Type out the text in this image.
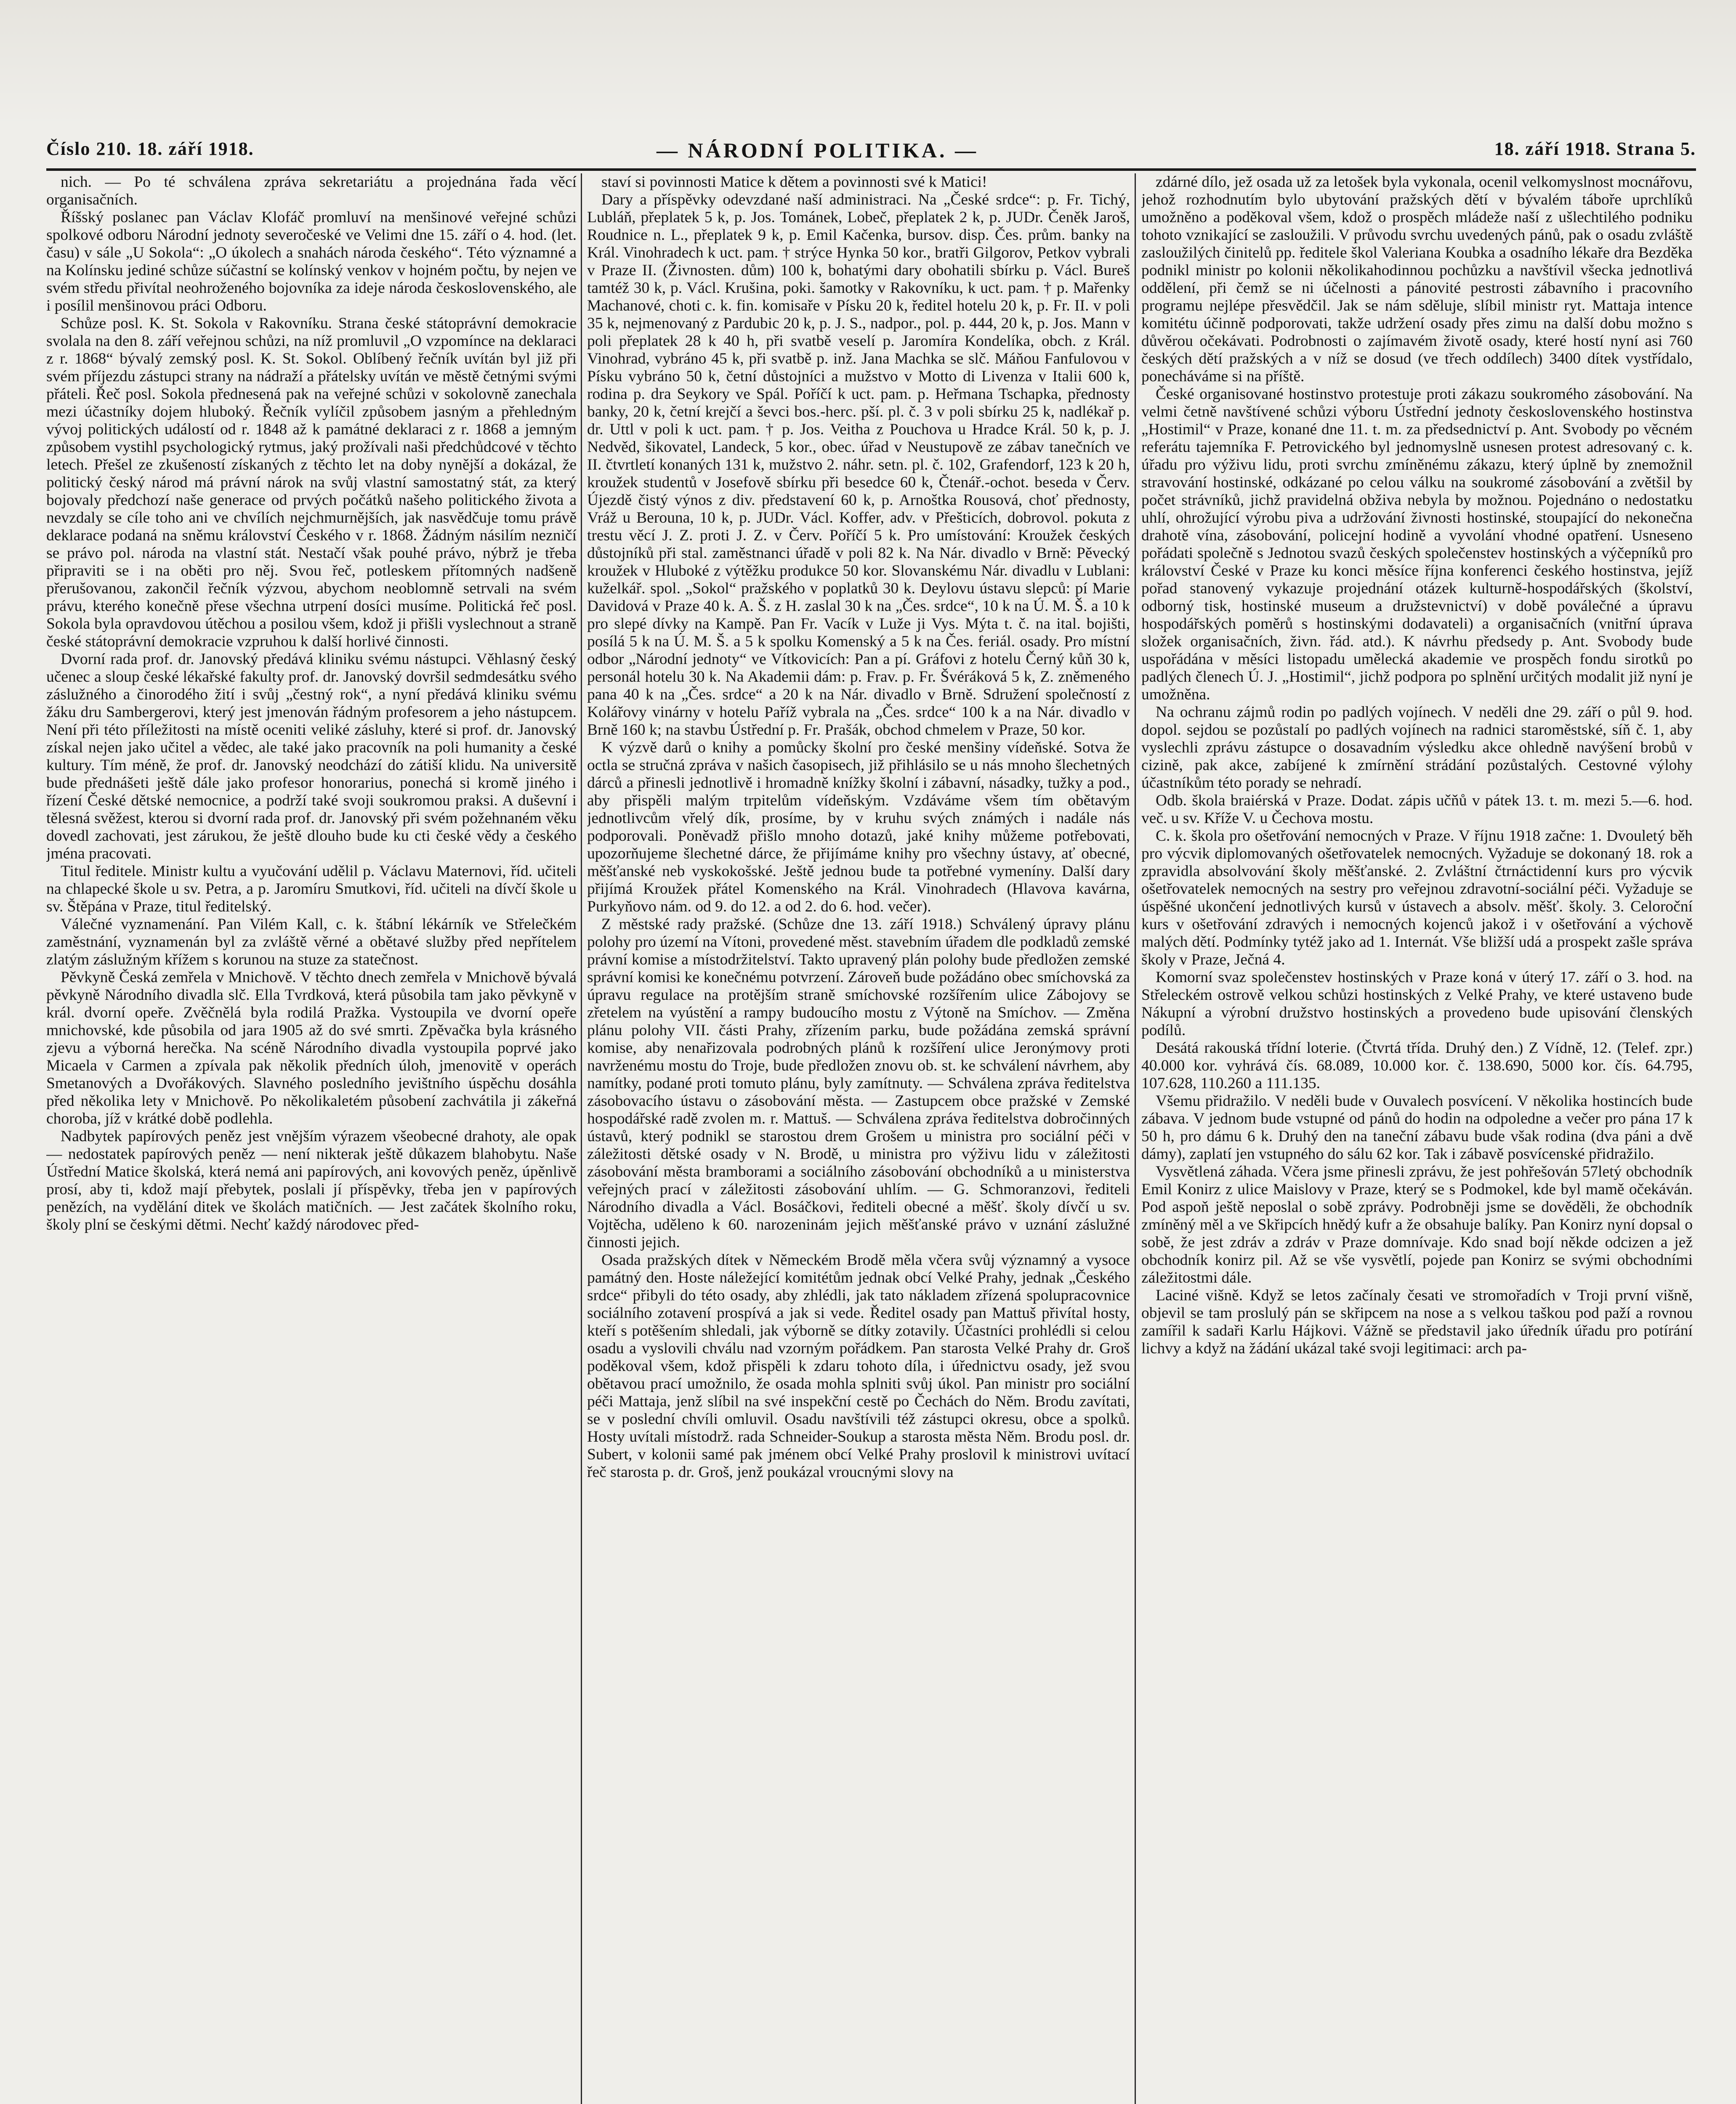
Číslo 210. 18. září 1918.	— NÁRODNÍ POLITIKA. —	18. září 1918. Strana 5.

nich. — Po té schválena zpráva sekretariátu a projednána řada věcí organisačních.

Říšský poslanec pan Václav Klofáč promluví na menšinové veřejné schůzi spolkové odboru Národní jednoty severočeské ve Velimi dne 15. září o 4. hod. (let. času) v sále „U Sokola“: „O úkolech a snahách národa českého“. Této významné a na Kolínsku jediné schůze súčastní se kolínský venkov v hojném počtu, by nejen ve svém středu přivítal neohroženého bojovníka za ideje národa československého, ale i posílil menšinovou práci Odboru.

Schůze posl. K. St. Sokola v Rakovníku. Strana české státoprávní demokracie svolala na den 8. září veřejnou schůzi, na níž promluvil „O vzpomínce na deklaraci z r. 1868“ bývalý zemský posl. K. St. Sokol. Oblíbený řečník uvítán byl již při svém příjezdu zástupci strany na nádraží a přátelsky uvítán ve městě četnými svými přáteli. Řeč posl. Sokola přednesená pak na veřejné schůzi v sokolovně zanechala mezi účastníky dojem hluboký. Řečník vylíčil způsobem jasným a přehledným vývoj politických událostí od r. 1848 až k památné deklaraci z r. 1868 a jemným způsobem vystihl psychologický rytmus, jaký prožívali naši předchůdcové v těchto letech. Přešel ze zkušeností získaných z těchto let na doby nynější a dokázal, že politický český národ má právní nárok na svůj vlastní samostatný stát, za který bojovaly předchozí naše generace od prvých počátků našeho politického života a nevzdaly se cíle toho ani ve chvílích nejchmurnějších, jak nasvědčuje tomu právě deklarace podaná na sněmu království Českého v r. 1868. Žádným násilím nezničí se právo pol. národa na vlastní stát. Nestačí však pouhé právo, nýbrž je třeba připraviti se i na oběti pro něj. Svou řeč, potleskem přítomných nadšeně přerušovanou, zakončil řečník výzvou, abychom neoblomně setrvali na svém právu, kterého konečně přese všechna utrpení dosíci musíme. Politická řeč posl. Sokola byla opravdovou útěchou a posilou všem, kdož ji přišli vyslechnout a straně české státoprávní demokracie vzpruhou k další horlivé činnosti.

Dvorní rada prof. dr. Janovský předává kliniku svému nástupci. Věhlasný český učenec a sloup české lékařské fakulty prof. dr. Janovský dovršil sedmdesátku svého záslužného a činorodého žití i svůj „čestný rok“, a nyní předává kliniku svému žáku dru Sambergerovi, který jest jmenován řádným profesorem a jeho nástupcem. Není při této příležitosti na místě oceniti veliké zásluhy, které si prof. dr. Janovský získal nejen jako učitel a vědec, ale také jako pracovník na poli humanity a české kultury. Tím méně, že prof. dr. Janovský neodchází do zátiší klidu. Na universitě bude přednášeti ještě dále jako profesor honorarius, ponechá si kromě jiného i řízení České dětské nemocnice, a podrží také svoji soukromou praksi. A duševní i tělesná svěžest, kterou si dvorní rada prof. dr. Janovský při svém požehnaném věku dovedl zachovati, jest zárukou, že ještě dlouho bude ku cti české vědy a českého jména pracovati.

Titul ředitele. Ministr kultu a vyučování udělil p. Václavu Maternovi, říd. učiteli na chlapecké škole u sv. Petra, a p. Jaromíru Smutkovi, říd. učiteli na dívčí škole u sv. Štěpána v Praze, titul ředitelský.

Válečné vyznamenání. Pan Vilém Kall, c. k. štábní lékárník ve Střelečkém zaměstnání, vyznamenán byl za zvláště věrné a obětavé služby před nepřítelem zlatým záslužným křížem s korunou na stuze za statečnost.

Pěvkyně Česká zemřela v Mnichově. V těchto dnech zemřela v Mnichově bývalá pěvkyně Národního divadla slč. Ella Tvrdková, která působila tam jako pěvkyně v král. dvorní opeře. Zvěčnělá byla rodilá Pražka. Vystoupila ve dvorní opeře mnichovské, kde působila od jara 1905 až do své smrti. Zpěvačka byla krásného zjevu a výborná herečka. Na scéně Národního divadla vystoupila poprvé jako Micaela v Carmen a zpívala pak několik předních úloh, jmenovitě v operách Smetanových a Dvořákových. Slavného posledního jevištního úspěchu dosáhla před několika lety v Mnichově. Po několikaletém působení zachvátila ji zákeřná choroba, jíž v krátké době podlehla.

Nadbytek papírových peněz jest vnějším výrazem všeobecné drahoty, ale opak — nedostatek papírových peněz — není nikterak ještě důkazem blahobytu. Naše Ústřední Matice školská, která nemá ani papírových, ani kovových peněz, úpěnlivě prosí, aby ti, kdož mají přebytek, poslali jí příspěvky, třeba jen v papírových penězích, na vydělání ditek ve školách matičních. — Jest začátek školního roku, školy plní se českými dětmi. Nechť každý národovec před-

staví si povinnosti Matice k dětem a povinnosti své k Matici!

Dary a příspěvky odevzdané naší administraci. Na „České srdce“: p. Fr. Tichý, Lubláň, přeplatek 5 k, p. Jos. Tománek, Lobeč, přeplatek 2 k, p. JUDr. Čeněk Jaroš, Roudnice n. L., přeplatek 9 k, p. Emil Kačenka, bursov. disp. Čes. prům. banky na Král. Vinohradech k uct. pam. † strýce Hynka 50 kor., bratři Gilgorov, Petkov vybrali v Praze II. (Živnosten. dům) 100 k, bohatými dary obohatili sbírku p. Václ. Bureš tamtéž 30 k, p. Václ. Krušina, poki. šamotky v Rakovníku, k uct. pam. † p. Mařenky Machanové, choti c. k. fin. komisaře v Písku 20 k, ředitel hotelu 20 k, p. Fr. II. v poli 35 k, nejmenovaný z Pardubic 20 k, p. J. S., nadpor., pol. p. 444, 20 k, p. Jos. Mann v poli přeplatek 28 k 40 h, při svatbě veselí p. Jaromíra Kondelíka, obch. z Král. Vinohrad, vybráno 45 k, při svatbě p. inž. Jana Machka se slč. Máňou Fanfulovou v Písku vybráno 50 k, četní důstojníci a mužstvo v Motto di Livenza v Italii 600 k, rodina p. dra Seykory ve Spál. Poříčí k uct. pam. p. Heřmana Tschapka, přednosty banky, 20 k, četní krejčí a ševci bos.-herc. pší. pl. č. 3 v poli sbírku 25 k, nadlékař p. dr. Uttl v poli k uct. pam. † p. Jos. Veitha z Pouchova u Hradce Král. 50 k, p. J. Nedvěd, šikovatel, Landeck, 5 kor., obec. úřad v Neustupově ze zábav tanečních ve II. čtvrtletí konaných 131 k, mužstvo 2. náhr. setn. pl. č. 102, Grafendorf, 123 k 20 h, kroužek studentů v Josefově sbírku při besedce 60 k, Čtenář.-ochot. beseda v Červ. Újezdě čistý výnos z div. představení 60 k, p. Arnoštka Rousová, choť přednosty, Vráž u Berouna, 10 k, p. JUDr. Václ. Koffer, adv. v Přešticích, dobrovol. pokuta z trestu věcí J. Z. proti J. Z. v Červ. Poříčí 5 k. Pro umístování: Kroužek českých důstojníků při stal. zaměstnanci úřadě v poli 82 k. Na Nár. divadlo v Brně: Pěvecký kroužek v Hluboké z výtěžku produkce 50 kor. Slovanskému Nár. divadlu v Lublani: kuželkář. spol. „Sokol“ pražského v poplatků 30 k. Deylovu ústavu slepců: pí Marie Davidová v Praze 40 k. A. Š. z H. zaslal 30 k na „Čes. srdce“, 10 k na Ú. M. Š. a 10 k pro slepé dívky na Kampě. Pan Fr. Vacík v Luže ji Vys. Mýta t. č. na ital. bojišti, posílá 5 k na Ú. M. Š. a 5 k spolku Komenský a 5 k na Čes. feriál. osady. Pro místní odbor „Národní jednoty“ ve Vítkovicích: Pan a pí. Gráfovi z hotelu Černý kůň 30 k, personál hotelu 30 k. Na Akademii dám: p. Frav. p. Fr. Švéráková 5 k, Z. zněmeného pana 40 k na „Čes. srdce“ a 20 k na Nár. divadlo v Brně. Sdružení společností z Kolářovy vinárny v hotelu Paříž vybrala na „Čes. srdce“ 100 k a na Nár. divadlo v Brně 160 k; na stavbu Ústřední p. Fr. Prašák, obchod chmelem v Praze, 50 kor.

K výzvě darů o knihy a pomůcky školní pro české menšiny vídeňské. Sotva že octla se stručná zpráva v našich časopisech, již přihlásilo se u nás mnoho šlechetných dárců a přinesli jednotlivě i hromadně knížky školní i zábavní, násadky, tužky a pod., aby přispěli malým trpitelům vídeňským. Vzdáváme všem tím obětavým jednotlivcům vřelý dík, prosíme, by v kruhu svých známých i nadále nás podporovali. Poněvadž přišlo mnoho dotazů, jaké knihy můžeme potřebovati, upozorňujeme šlechetné dárce, že přijímáme knihy pro všechny ústavy, ať obecné, měšťanské neb vyskokošské. Ještě jednou bude ta potřebné vymeníny. Další dary přijímá Kroužek přátel Komenského na Král. Vinohradech (Hlavova kavárna, Purkyňovo nám. od 9. do 12. a od 2. do 6. hod. večer).

Z městské rady pražské. (Schůze dne 13. září 1918.) Schválený úpravy plánu polohy pro území na Vítoni, provedené měst. stavebním úřadem dle podkladů zemské právní komise a místodržitelství. Takto upravený plán polohy bude předložen zemské správní komisi ke konečnému potvrzení. Zároveň bude požádáno obec smíchovská za úpravu regulace na protějším straně smíchovské rozšířením ulice Zábojovy se zřetelem na vyústění a rampy budoucího mostu z Výtoně na Smíchov. — Změna plánu polohy VII. části Prahy, zřízením parku, bude požádána zemská správní komise, aby nenařizovala podrobných plánů k rozšíření ulice Jeronýmovy proti navrženému mostu do Troje, bude předložen znovu ob. st. ke schválení návrhem, aby namítky, podané proti tomuto plánu, byly zamítnuty. — Schválena zpráva ředitelstva zásobovacího ústavu o zásobování města. — Zastupcem obce pražské v Zemské hospodářské radě zvolen m. r. Mattuš. — Schválena zpráva ředitelstva dobročinných ústavů, který podnikl se starostou drem Grošem u ministra pro sociální péči v záležitosti dětské osady v N. Brodě, u ministra pro výživu lidu v záležitosti zásobování města bramborami a sociálního zásobování obchodníků a u ministerstva veřejných prací v záležitosti zásobování uhlím. — G. Schmoranzovi, řediteli Národního divadla a Václ. Bosáčkovi, řediteli obecné a měšť. školy dívčí u sv. Vojtěcha, uděleno k 60. narozeninám jejich měšťanské právo v uznání záslužné činnosti jejich.

Osada pražských dítek v Německém Brodě měla včera svůj významný a vysoce památný den. Hoste náležející komitétům jednak obcí Velké Prahy, jednak „Českého srdce“ přibyli do této osady, aby zhlédli, jak tato nákladem zřízená spolupracovnice sociálního zotavení prospívá a jak si vede. Ředitel osady pan Mattuš přivítal hosty, kteří s potěšením shledali, jak výborně se dítky zotavily. Účastníci prohlédli si celou osadu a vyslovili chválu nad vzorným pořádkem. Pan starosta Velké Prahy dr. Groš poděkoval všem, kdož přispěli k zdaru tohoto díla, i úřednictvu osady, jež svou obětavou prací umožnilo, že osada mohla splniti svůj úkol. Pan ministr pro sociální péči Mattaja, jenž slíbil na své inspekční cestě po Čechách do Něm. Brodu zavítati, se v poslední chvíli omluvil. Osadu navštívili též zástupci okresu, obce a spolků. Hosty uvítali místodrž. rada Schneider-Soukup a starosta města Něm. Brodu posl. dr. Subert, v kolonii samé pak jménem obcí Velké Prahy proslovil k ministrovi uvítací řeč starosta p. dr. Groš, jenž poukázal vroucnými slovy na

zdárné dílo, jež osada už za letošek byla vykonala, ocenil velkomyslnost mocnářovu, jehož rozhodnutím bylo ubytování pražských dětí v bývalém táboře uprchlíků umožněno a poděkoval všem, kdož o prospěch mládeže naší z ušlechtilého podniku tohoto vznikající se zasloužili. V průvodu svrchu uvedených pánů, pak o osadu zvláště zasloužilých činitelů pp. ředitele škol Valeriana Koubka a osadního lékaře dra Bezděka podnikl ministr po kolonii několikahodinnou pochůzku a navštívil všecka jednotlivá oddělení, při čemž se ni účelnosti a pánovité pestrosti zábavního i pracovního programu nejlépe přesvědčil. Jak se nám sděluje, slíbil ministr ryt. Mattaja intence komitétu účinně podporovati, takže udržení osady přes zimu na další dobu možno s důvěrou očekávati. Podrobnosti o zajímavém životě osady, které hostí nyní asi 760 českých dětí pražských a v níž se dosud (ve třech oddílech) 3400 dítek vystřídalo, ponecháváme si na příště.

České organisované hostinstvo protestuje proti zákazu soukromého zásobování. Na velmi četně navštívené schůzi výboru Ústřední jednoty československého hostinstva „Hostimil“ v Praze, konané dne 11. t. m. za předsednictví p. Ant. Svobody po věcném referátu tajemníka F. Petrovického byl jednomyslně usnesen protest adresovaný c. k. úřadu pro výživu lidu, proti svrchu zmíněnému zákazu, který úplně by znemožnil stravování hostinské, odkázané po celou válku na soukromé zásobování a zvětšil by počet strávníků, jichž pravidelná obživa nebyla by možnou. Pojednáno o nedostatku uhlí, ohrožující výrobu piva a udržování živnosti hostinské, stoupající do nekonečna drahotě vína, zásobování, policejní hodině a vyvolání vhodné opatření. Usneseno pořádati společně s Jednotou svazů českých společenstev hostinských a výčepníků pro království České v Praze ku konci měsíce října konferenci českého hostinstva, jejíž pořad stanovený vykazuje projednání otázek kulturně-hospodářských (školství, odborný tisk, hostinské museum a družstevnictví) v době poválečné a úpravu hospodářských poměrů s hostinskými dodavateli) a organisačních (vnitřní úprava složek organisačních, živn. řád. atd.). K návrhu předsedy p. Ant. Svobody bude uspořádána v měsíci listopadu umělecká akademie ve prospěch fondu sirotků po padlých členech Ú. J. „Hostimil“, jichž podpora po splnění určitých modalit již nyní je umožněna.

Na ochranu zájmů rodin po padlých vojínech. V neděli dne 29. září o půl 9. hod. dopol. sejdou se pozůstalí po padlých vojínech na radnici staroměstské, síň č. 1, aby vyslechli zprávu zástupce o dosavadním výsledku akce ohledně navýšení brobů v cizině, pak akce, zabíjené k zmírnění strádání pozůstalých. Cestovné výlohy účastníkům této porady se nehradí.

Odb. škola braiérská v Praze. Dodat. zápis učňů v pátek 13. t. m. mezi 5.—6. hod. več. u sv. Kříže V. u Čechova mostu.

C. k. škola pro ošetřování nemocných v Praze. V říjnu 1918 začne: 1. Dvouletý běh pro výcvik diplomovaných ošetřovatelek nemocných. Vyžaduje se dokonaný 18. rok a zpravidla absolvování školy měšťanské. 2. Zvláštní čtrnáctidenní kurs pro výcvik ošetřovatelek nemocných na sestry pro veřejnou zdravotní-sociální péči. Vyžaduje se úspěšné ukončení jednotlivých kursů v ústavech a absolv. měšť. školy. 3. Celoroční kurs v ošetřování zdravých i nemocných kojenců jakož i v ošetřování a výchově malých dětí. Podmínky tytéž jako ad 1. Internát. Vše bližší udá a prospekt zašle správa školy v Praze, Ječná 4.

Komorní svaz společenstev hostinských v Praze koná v úterý 17. září o 3. hod. na Střeleckém ostrově velkou schůzi hostinských z Velké Prahy, ve které ustaveno bude Nákupní a výrobní družstvo hostinských a provedeno bude upisování členských podílů.

Desátá rakouská třídní loterie. (Čtvrtá třída. Druhý den.) Z Vídně, 12. (Telef. zpr.) 40.000 kor. vyhrává čís. 68.089, 10.000 kor. č. 138.690, 5000 kor. čís. 64.795, 107.628, 110.260 a 111.135.

Všemu přidražilo. V neděli bude v Ouvalech posvícení. V několika hostincích bude zábava. V jednom bude vstupné od pánů do hodin na odpoledne a večer pro pána 17 k 50 h, pro dámu 6 k. Druhý den na taneční zábavu bude však rodina (dva páni a dvě dámy), zaplatí jen vstupného do sálu 62 kor. Tak i zábavě posvícenské přidražilo.

Vysvětlená záhada. Včera jsme přinesli zprávu, že jest pohřešován 57letý obchodník Emil Konirz z ulice Maislovy v Praze, který se s Podmokel, kde byl mamě očekáván. Pod aspoň ještě neposlal o sobě zprávy. Podrobněji jsme se dověděli, že obchodník zmíněný měl a ve Skřipcích hnědý kufr a že obsahuje balíky. Pan Konirz nyní dopsal o sobě, že jest zdráv a zdráv v Praze domnívaje. Kdo snad bojí někde odcizen a jež obchodník konirz pil. Až se vše vysvětlí, pojede pan Konirz se svými obchodními záležitostmi dále.

Laciné višně. Když se letos začínaly česati ve stromořadích v Troji první višně, objevil se tam proslulý pán se skřipcem na nose a s velkou taškou pod paží a rovnou zamířil k sadaři Karlu Hájkovi. Vážně se představil jako úředník úřadu pro potírání lichvy a když na žádání ukázal také svoji legitimaci: arch pa-
